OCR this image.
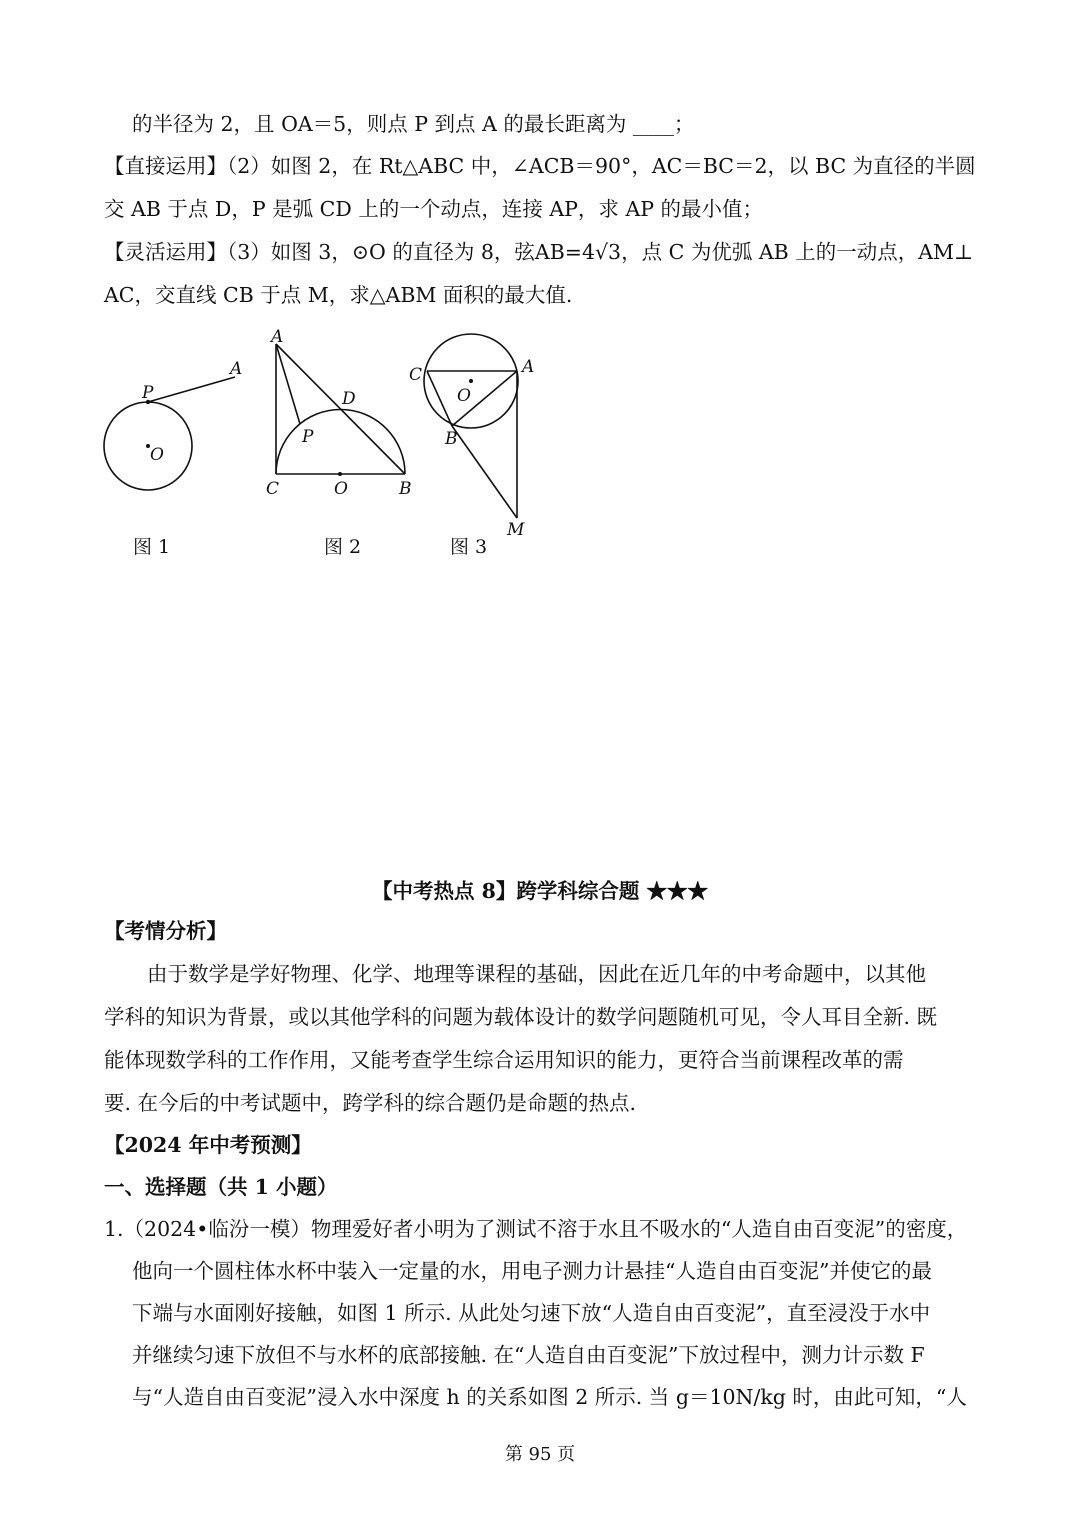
的半径为 2，且 OA＝5，则点 P 到点 A 的最长距离为 ____；
【直接运用】（2）如图 2，在 Rt△ABC 中，∠ACB＝90°，AC＝BC＝2，以 BC 为直径的半圆
交 AB 于点 D，P 是弧 CD 上的一个动点，连接 AP，求 AP 的最小值；
【灵活运用】（3）如图 3，⊙O 的直径为 8，弦AB=4√3，点 C 为优弧 AB 上的一动点，AM⊥
AC，交直线 CB 于点 M，求△ABM 面积的最大值.
P
A
O
A
D
P
C	O	B
C
O
A
B
M
图 1	图 2	图 3
【中考热点 8】跨学科综合题 ★★★
【考情分析】
由于数学是学好物理、化学、地理等课程的基础，因此在近几年的中考命题中，以其他
学科的知识为背景，或以其他学科的问题为载体设计的数学问题随机可见，令人耳目全新. 既
能体现数学科的工作作用，又能考查学生综合运用知识的能力，更符合当前课程改革的需
要. 在今后的中考试题中，跨学科的综合题仍是命题的热点.
【2024 年中考预测】
一、选择题（共 1 小题）
1.（2024•临汾一模）物理爱好者小明为了测试不溶于水且不吸水的“人造自由百变泥”的密度，
他向一个圆柱体水杯中装入一定量的水，用电子测力计悬挂“人造自由百变泥”并使它的最
下端与水面刚好接触，如图 1 所示. 从此处匀速下放“人造自由百变泥”，直至浸没于水中
并继续匀速下放但不与水杯的底部接触. 在“人造自由百变泥”下放过程中，测力计示数 F
与“人造自由百变泥”浸入水中深度 h 的关系如图 2 所示. 当 g＝10N/kg 时，由此可知，“人
第 95 页
